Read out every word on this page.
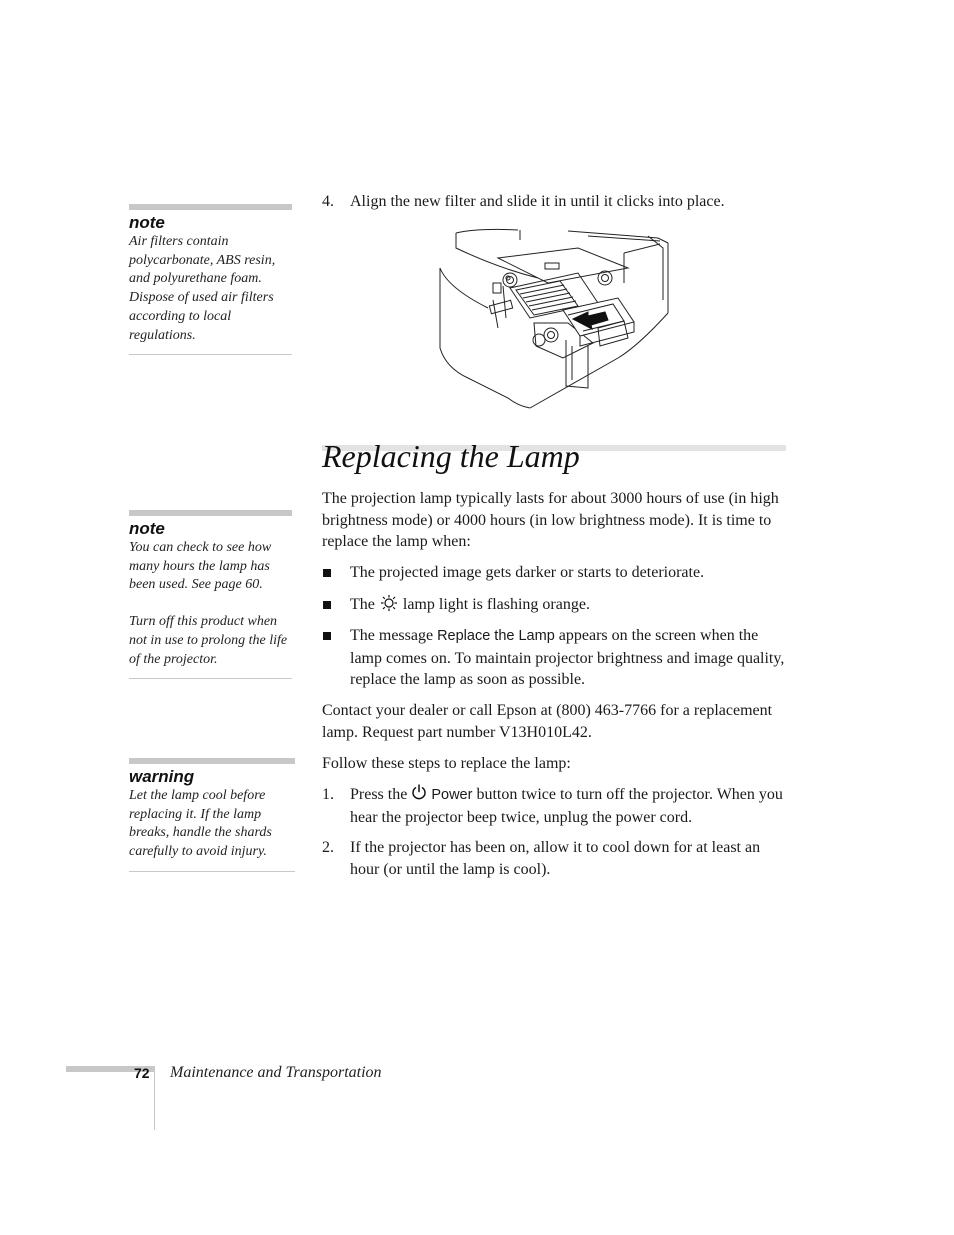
note

Air filters contain polycarbonate, ABS resin, and polyurethane foam. Dispose of used air filters according to local regulations.

note

You can check to see how many hours the lamp has been used. See page 60.

Turn off this product when not in use to prolong the life of the projector.

warning

Let the lamp cool before replacing it. If the lamp breaks, handle the shards carefully to avoid injury.

4. Align the new filter and slide it in until it clicks into place.
Replacing the Lamp
The projection lamp typically lasts for about 3000 hours of use (in high brightness mode) or 4000 hours (in low brightness mode). It is time to replace the lamp when:
The projected image gets darker or starts to deteriorate.
The lamp light is flashing orange.
The message Replace the Lamp appears on the screen when the lamp comes on. To maintain projector brightness and image quality, replace the lamp as soon as possible.
Contact your dealer or call Epson at (800) 463-7766 for a replacement lamp. Request part number V13H010L42.
Follow these steps to replace the lamp:
1. Press the Power button twice to turn off the projector. When you hear the projector beep twice, unplug the power cord.
2. If the projector has been on, allow it to cool down for at least an hour (or until the lamp is cool).
72 Maintenance and Transportation
